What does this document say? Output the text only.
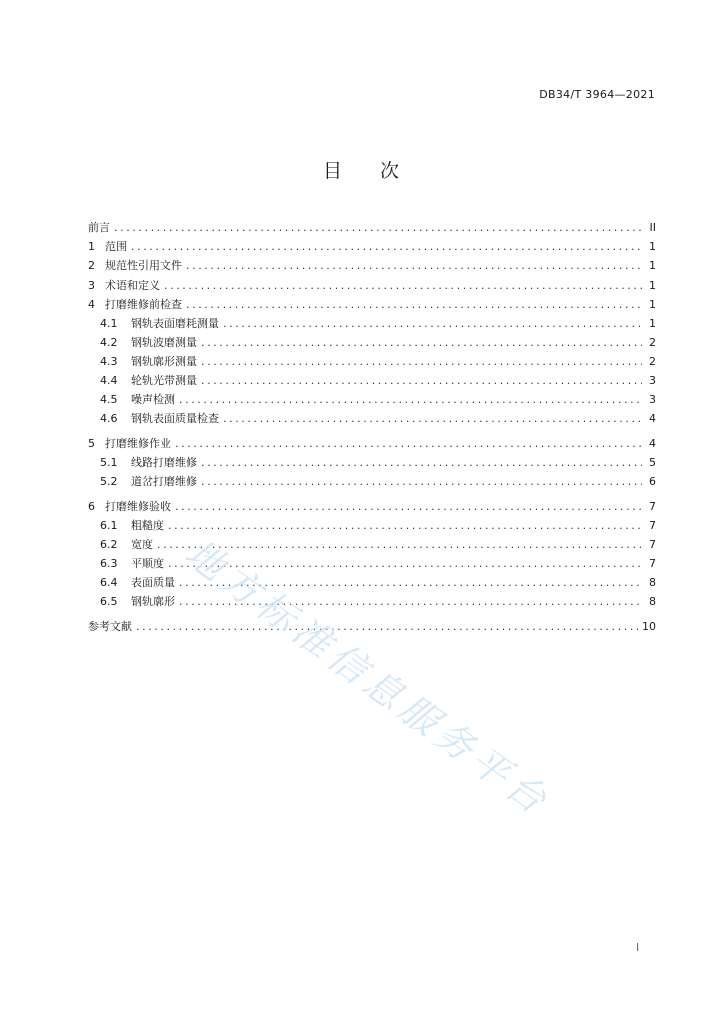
DB34/T 3964—2021
目 次
前言 .....	II
1 范围 .....	1
2 规范性引用文件 .....	1
3 术语和定义 .....	1
4 打磨维修前检查 .....	1
4.1	钢轨表面磨耗测量 .....	1
4.2	钢轨波磨测量 .....	2
4.3	钢轨廓形测量 .....	2
4.4	轮轨光带测量 .....	3
4.5	噪声检测 .....	3
4.6	钢轨表面质量检查 .....	4
5 打磨维修作业 .....	4
5.1	线路打磨维修 .....	5
5.2	道岔打磨维修 .....	6
6 打磨维修验收 .....	7
6.1	粗糙度 .....	7
6.2	宽度 .....	7
6.3	平顺度 .....	7
6.4	表面质量 .....	8
6.5	钢轨廓形 .....	8
参考文献 .....	10
地方标准信息服务平台
I
